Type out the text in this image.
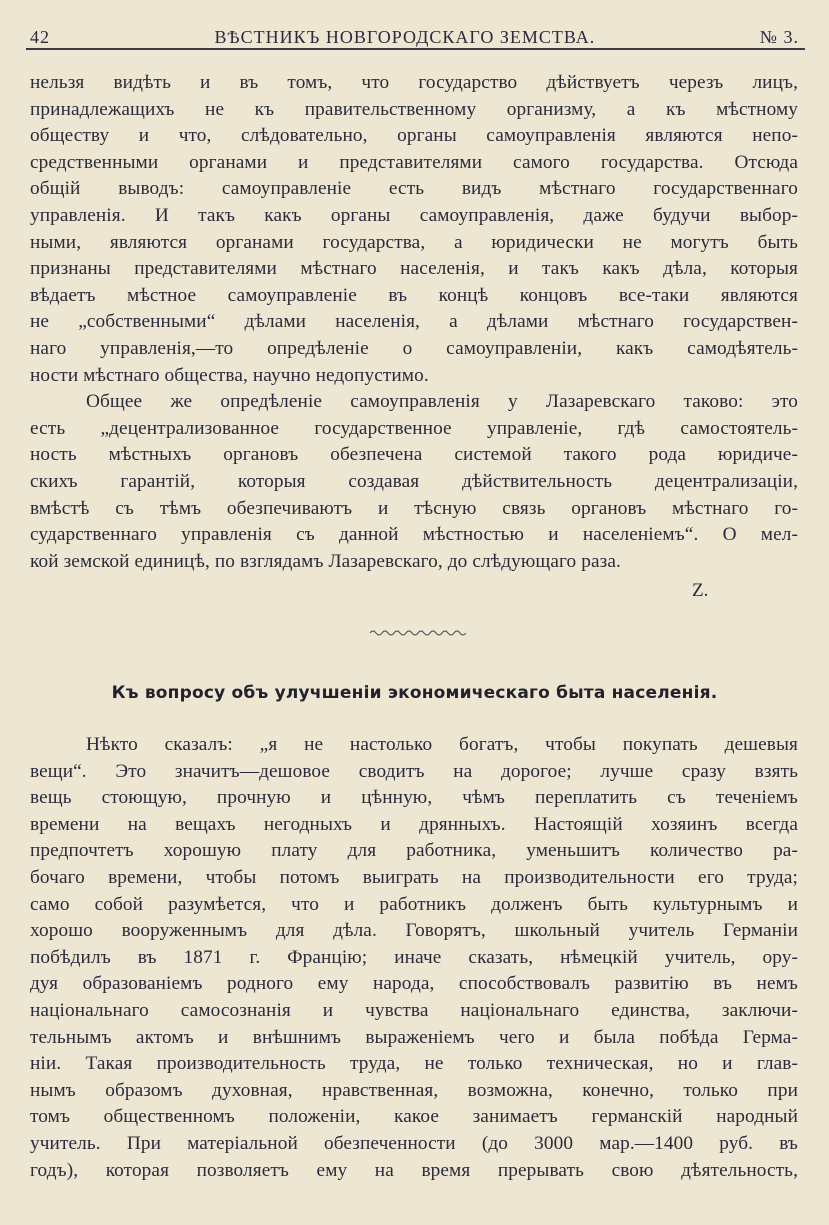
42	ВѢСТНИКЪ НОВГОРОДСКАГО ЗЕМСТВА.	№ 3.
нельзя видѣть и въ томъ, что государство дѣйствуетъ черезъ лицъ,
принадлежащихъ не къ правительственному организму, а къ мѣстному
обществу и что, слѣдовательно, органы самоуправленія являются непо-
средственными органами и представителями самого государства. Отсюда
общій выводъ: самоуправленіе есть видъ мѣстнаго государственнаго
управленія. И такъ какъ органы самоуправленія, даже будучи выбор-
ными, являются органами государства, а юридически не могутъ быть
признаны представителями мѣстнаго населенія, и такъ какъ дѣла, которыя
вѣдаетъ мѣстное самоуправленіе въ концѣ концовъ все-таки являются
не „собственными“ дѣлами населенія, а дѣлами мѣстнаго государствен-
наго управленія,—то опредѣленіе о самоуправленіи, какъ самодѣятель-
ности мѣстнаго общества, научно недопустимо.
Общее же опредѣленіе самоуправленія у Лазаревскаго таково: это
есть „децентрализованное государственное управленіе, гдѣ самостоятель-
ность мѣстныхъ органовъ обезпечена системой такого рода юридиче-
скихъ гарантій, которыя создавая дѣйствительность децентрализаціи,
вмѣстѣ съ тѣмъ обезпечиваютъ и тѣсную связь органовъ мѣстнаго го-
сударственнаго управленія съ данной мѣстностью и населеніемъ“. О мел-
кой земской единицѣ, по взглядамъ Лазаревскаго, до слѣдующаго раза.
Z.
Къ вопросу объ улучшеніи экономическаго быта населенія.
Нѣкто сказалъ: „я не настолько богатъ, чтобы покупать дешевыя
вещи“. Это значитъ—дешовое сводитъ на дорогое; лучше сразу взять
вещь стоющую, прочную и цѣнную, чѣмъ переплатить съ теченіемъ
времени на вещахъ негодныхъ и дрянныхъ. Настоящій хозяинъ всегда
предпочтетъ хорошую плату для работника, уменьшитъ количество ра-
бочаго времени, чтобы потомъ выиграть на производительности его труда;
само собой разумѣется, что и работникъ долженъ быть культурнымъ и
хорошо вооруженнымъ для дѣла. Говорятъ, школьный учитель Германіи
побѣдилъ въ 1871 г. Францію; иначе сказать, нѣмецкій учитель, ору-
дуя образованіемъ родного ему народа, способствовалъ развитію въ немъ
національнаго самосознанія и чувства національнаго единства, заключи-
тельнымъ актомъ и внѣшнимъ выраженіемъ чего и была побѣда Герма-
ніи. Такая производительность труда, не только техническая, но и глав-
нымъ образомъ духовная, нравственная, возможна, конечно, только при
томъ общественномъ положеніи, какое занимаетъ германскій народный
учитель. При матеріальной обезпеченности (до 3000 мар.—1400 руб. въ
годъ), которая позволяетъ ему на время прерывать свою дѣятельность,
